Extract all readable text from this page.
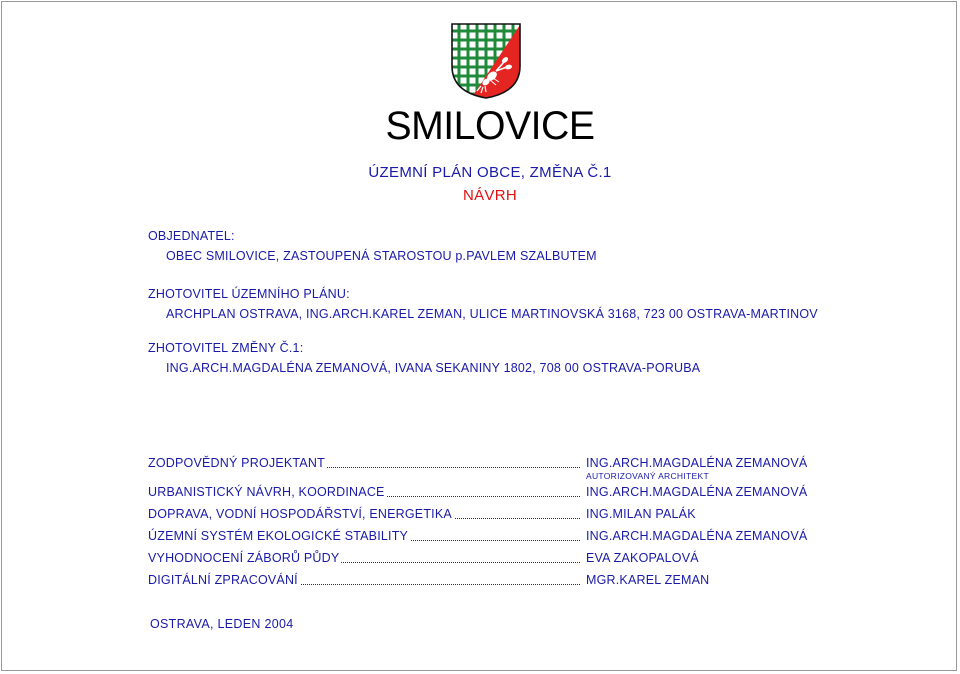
SMILOVICE
ÚZEMNÍ PLÁN OBCE, ZMĚNA Č.1
NÁVRH
OBJEDNATEL:
OBEC SMILOVICE, ZASTOUPENÁ STAROSTOU p.PAVLEM SZALBUTEM
ZHOTOVITEL ÚZEMNÍHO PLÁNU:
ARCHPLAN OSTRAVA, ING.ARCH.KAREL ZEMAN, ULICE MARTINOVSKÁ 3168, 723 00 OSTRAVA-MARTINOV
ZHOTOVITEL ZMĚNY Č.1:
ING.ARCH.MAGDALÉNA ZEMANOVÁ, IVANA SEKANINY 1802, 708 00 OSTRAVA-PORUBA
ZODPOVĚDNÝ PROJEKTANT	ING.ARCH.MAGDALÉNA ZEMANOVÁ
AUTORIZOVANÝ ARCHITEKT
URBANISTICKÝ NÁVRH, KOORDINACE	ING.ARCH.MAGDALÉNA ZEMANOVÁ
DOPRAVA, VODNÍ HOSPODÁŘSTVÍ, ENERGETIKA	ING.MILAN PALÁK
ÚZEMNÍ SYSTÉM EKOLOGICKÉ STABILITY	ING.ARCH.MAGDALÉNA ZEMANOVÁ
VYHODNOCENÍ ZÁBORŮ PŮDY	EVA ZAKOPALOVÁ
DIGITÁLNÍ ZPRACOVÁNÍ	MGR.KAREL ZEMAN
OSTRAVA, LEDEN 2004
